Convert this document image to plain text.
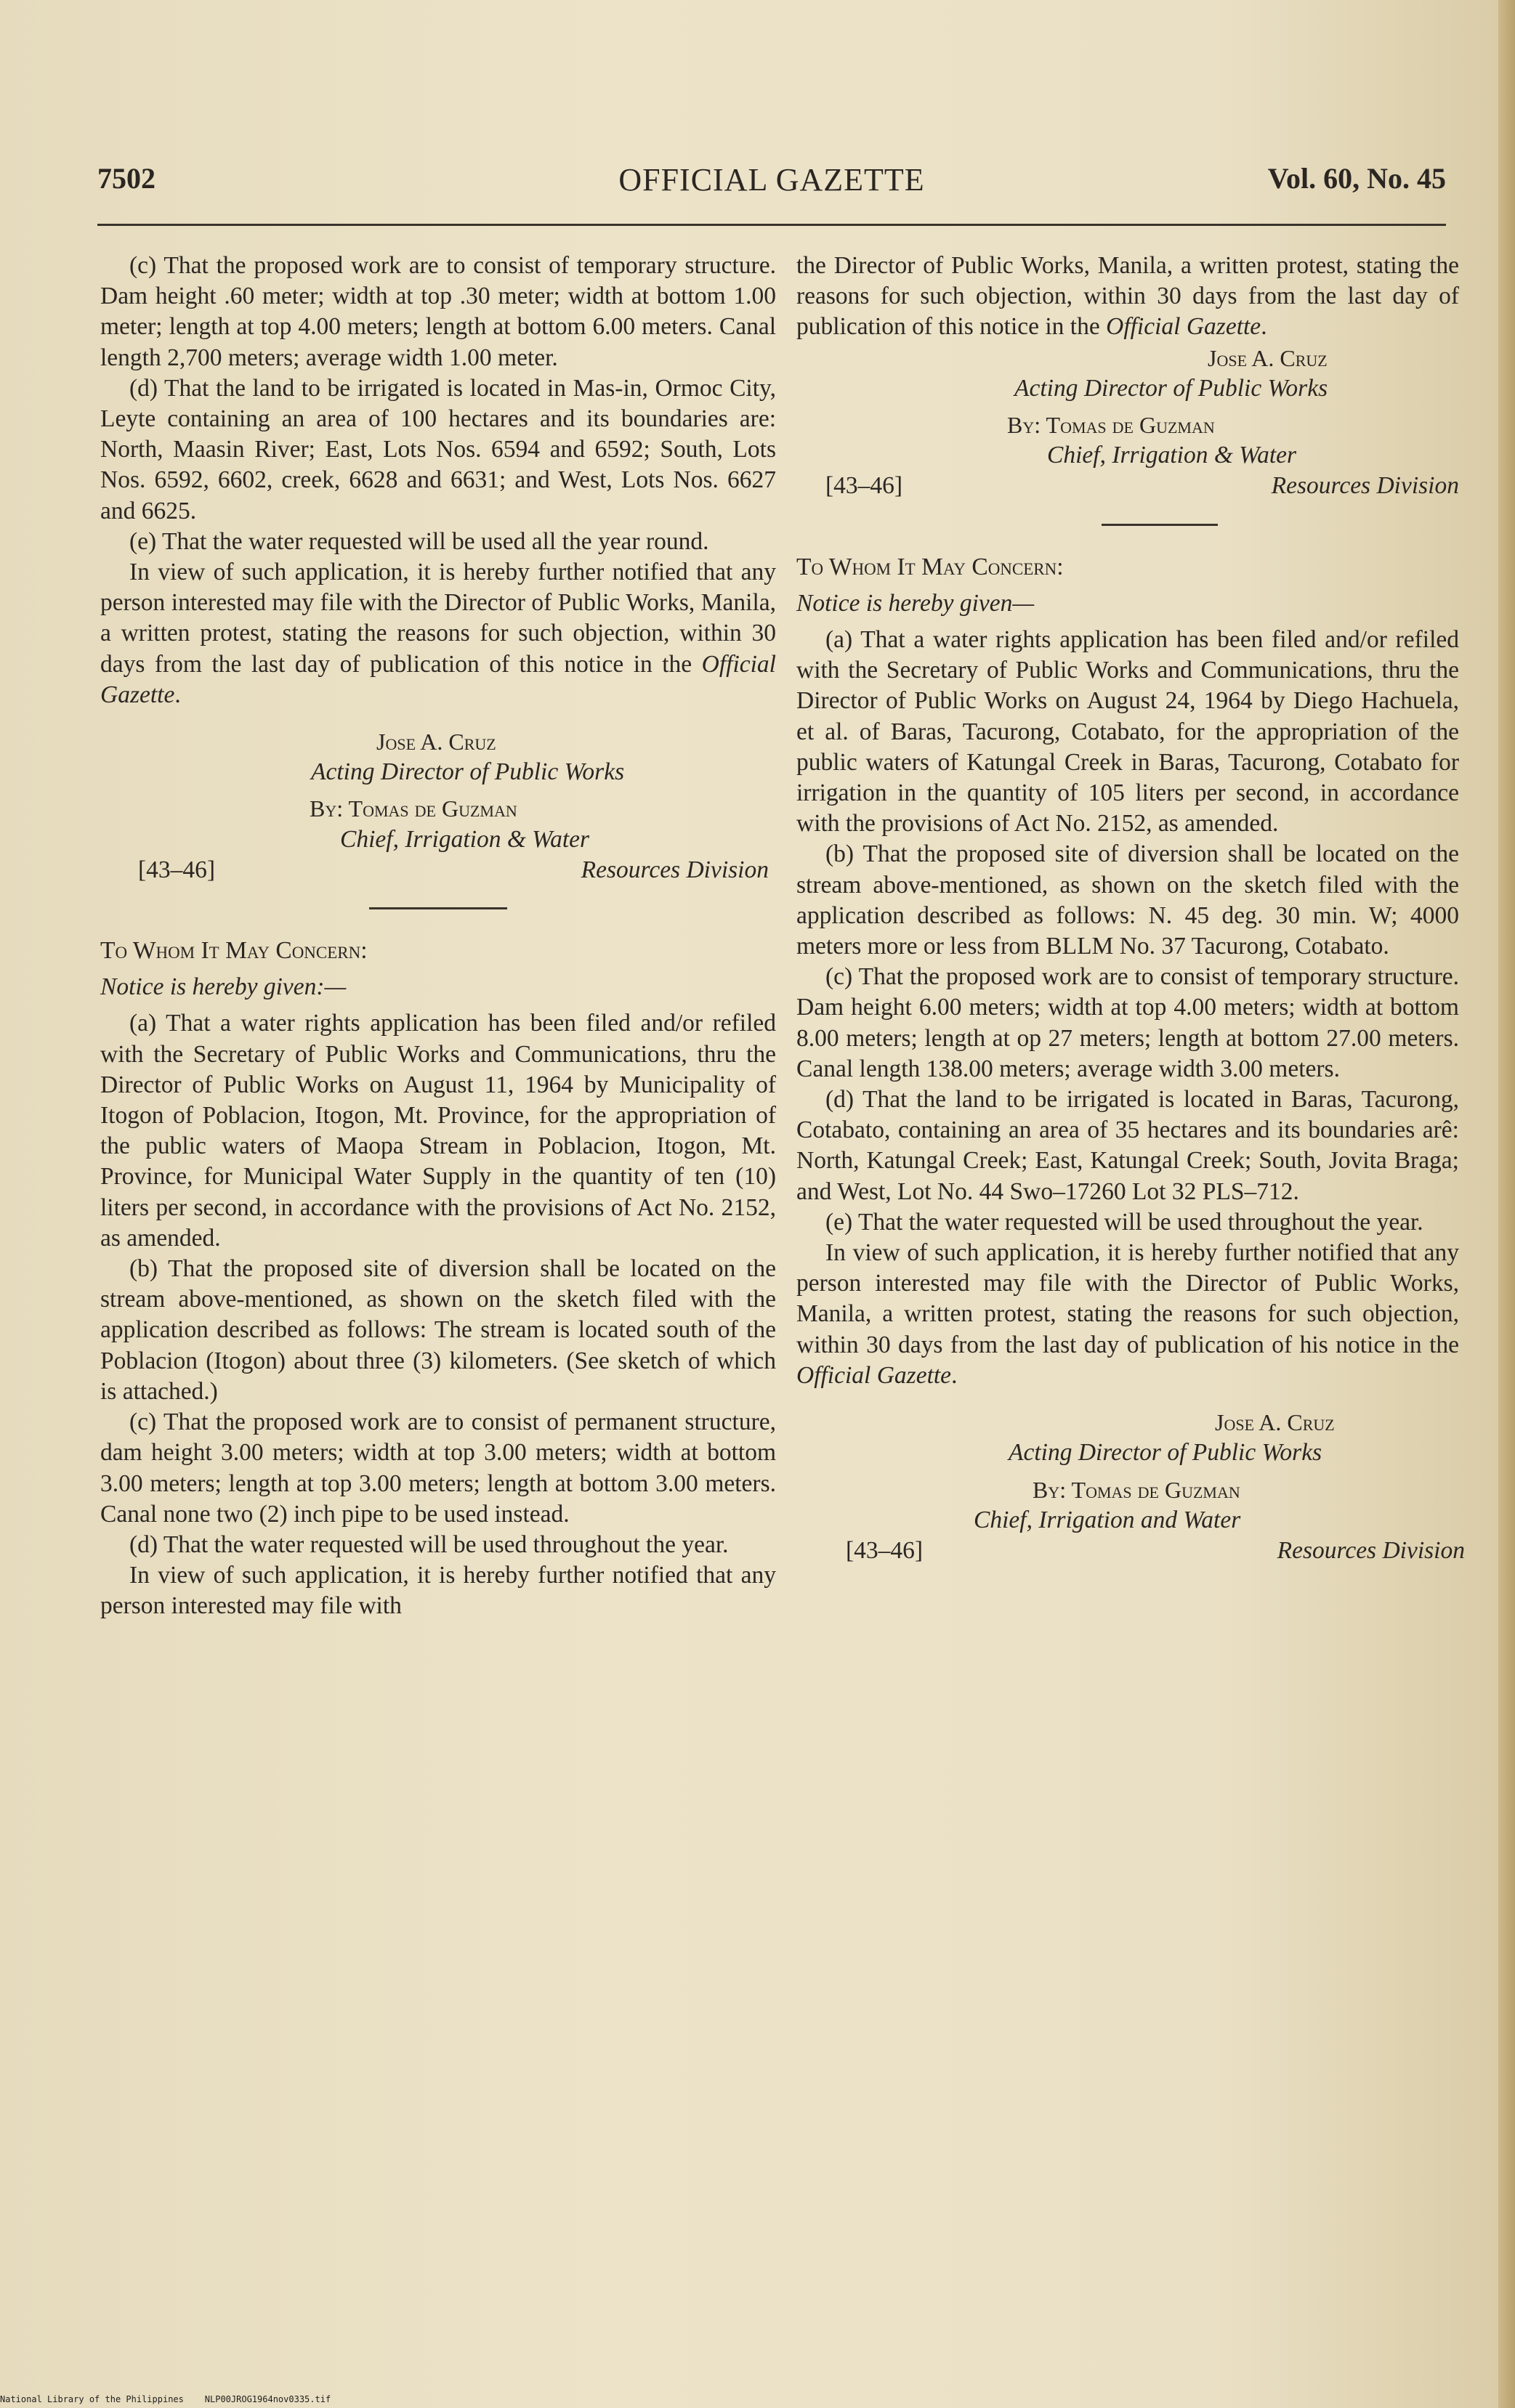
7502	OFFICIAL GAZETTE	Vol. 60, No. 45

(c) That the proposed work are to consist of temporary structure. Dam height .60 meter; width at top .30 meter; width at bottom 1.00 meter; length at top 4.00 meters; length at bottom 6.00 meters. Canal length 2,700 meters; average width 1.00 meter.

(d) That the land to be irrigated is located in Mas-in, Ormoc City, Leyte containing an area of 100 hectares and its boundaries are: North, Maasin River; East, Lots Nos. 6594 and 6592; South, Lots Nos. 6592, 6602, creek, 6628 and 6631; and West, Lots Nos. 6627 and 6625.

(e) That the water requested will be used all the year round.

In view of such application, it is hereby further notified that any person interested may file with the Director of Public Works, Manila, a written protest, stating the reasons for such objection, within 30 days from the last day of publication of this notice in the Official Gazette.

Jose A. Cruz
Acting Director of Public Works
By: Tomas de Guzman
Chief, Irrigation & Water
[43–46]	Resources Division

To Whom It May Concern:

Notice is hereby given:—

(a) That a water rights application has been filed and/or refiled with the Secretary of Public Works and Communications, thru the Director of Public Works on August 11, 1964 by Municipality of Itogon of Poblacion, Itogon, Mt. Province, for the appropriation of the public waters of Maopa Stream in Poblacion, Itogon, Mt. Province, for Municipal Water Supply in the quantity of ten (10) liters per second, in accordance with the provisions of Act No. 2152, as amended.

(b) That the proposed site of diversion shall be located on the stream above-mentioned, as shown on the sketch filed with the application described as follows: The stream is located south of the Poblacion (Itogon) about three (3) kilometers. (See sketch of which is attached.)

(c) That the proposed work are to consist of permanent structure, dam height 3.00 meters; width at top 3.00 meters; width at bottom 3.00 meters; length at top 3.00 meters; length at bottom 3.00 meters. Canal none two (2) inch pipe to be used instead.

(d) That the water requested will be used throughout the year.

In view of such application, it is hereby further notified that any person interested may file with

the Director of Public Works, Manila, a written protest, stating the reasons for such objection, within 30 days from the last day of publication of this notice in the Official Gazette.

Jose A. Cruz
Acting Director of Public Works
By: Tomas de Guzman
Chief, Irrigation & Water
[43–46]	Resources Division

To Whom It May Concern:

Notice is hereby given—

(a) That a water rights application has been filed and/or refiled with the Secretary of Public Works and Communications, thru the Director of Public Works on August 24, 1964 by Diego Hachuela, et al. of Baras, Tacurong, Cotabato, for the appropriation of the public waters of Katungal Creek in Baras, Tacurong, Cotabato for irrigation in the quantity of 105 liters per second, in accordance with the provisions of Act No. 2152, as amended.

(b) That the proposed site of diversion shall be located on the stream above-mentioned, as shown on the sketch filed with the application described as follows: N. 45 deg. 30 min. W; 4000 meters more or less from BLLM No. 37 Tacurong, Cotabato.

(c) That the proposed work are to consist of temporary structure. Dam height 6.00 meters; width at top 4.00 meters; width at bottom 8.00 meters; length at op 27 meters; length at bottom 27.00 meters. Canal length 138.00 meters; average width 3.00 meters.

(d) That the land to be irrigated is located in Baras, Tacurong, Cotabato, containing an area of 35 hectares and its boundaries arê: North, Katungal Creek; East, Katungal Creek; South, Jovita Braga; and West, Lot No. 44 Swo–17260 Lot 32 PLS–712.

(e) That the water requested will be used throughout the year.

In view of such application, it is hereby further notified that any person interested may file with the Director of Public Works, Manila, a written protest, stating the reasons for such objection, within 30 days from the last day of publication of his notice in the Official Gazette.

Jose A. Cruz
Acting Director of Public Works
By: Tomas de Guzman
Chief, Irrigation and Water
[43–46]	Resources Division
National Library of the Philippines NLP00JROG1964nov0335.tif
